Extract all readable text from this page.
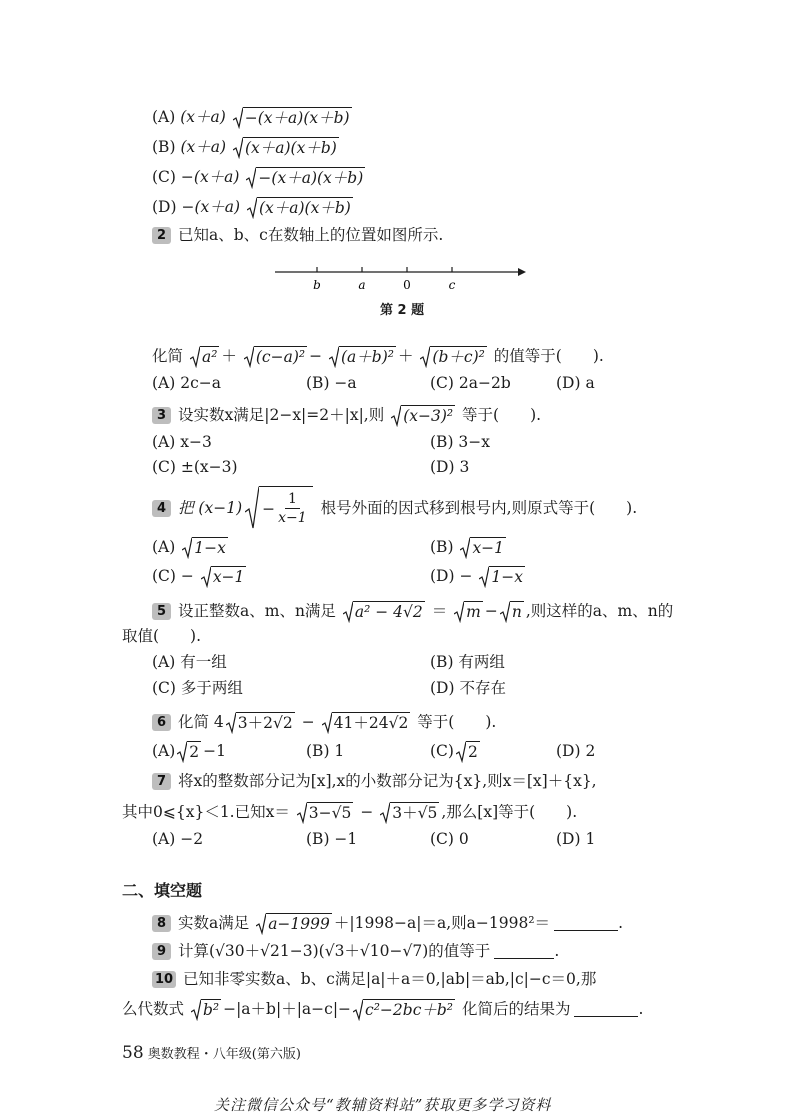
(A) (x＋a) −(x＋a)(x＋b)
(B) (x＋a) (x＋a)(x＋b)
(C) −(x＋a) −(x＋a)(x＋b)
(D) −(x＋a) (x＋a)(x＋b)
2 已知a、b、c在数轴上的位置如图所示.
b	a	0	c
第 2 题
化简 a² ＋ (c−a)² − (a＋b)² ＋ (b＋c)² 的值等于(　　).
(A) 2c−a	(B) −a	(C) 2a−2b	(D) a
3 设实数x满足|2−x|=2＋|x|,则 (x−3)² 等于(　　).
(A) x−3	(B) 3−x
(C) ±(x−3)	(D) 3
4 把 $(x-1) - \frac{1}{x-1}$ 根号外面的因式移到根号内,则原式等于(　　).
(A) 1−x	(B) x−1
(C) − x−1	(D) − 1−x
5 设正整数a、m、n满足 a² − 4√2 ＝ m − n ,则这样的a、m、n的
取值(　　).
(A) 有一组	(B) 有两组
(C) 多于两组	(D) 不存在
6 化简 4 3＋2√2 − 41＋24√2 等于(　　).
(A) 2 −1	(B) 1	(C) 2	(D) 2
7 将x的整数部分记为[x],x的小数部分记为{x},则x＝[x]＋{x},
其中0⩽{x}＜1.已知x＝ 3−√5 − 3＋√5 ,那么[x]等于(　　).
(A) −2	(B) −1	(C) 0	(D) 1
二、填空题
8 实数a满足 a−1999 ＋|1998−a|＝a,则a−1998²＝	.
9 计算(√30＋√21−3)(√3＋√10−√7)的值等于	.
10 已知非零实数a、b、c满足|a|＋a＝0,|ab|＝ab,|c|−c＝0,那
么代数式 b² −|a＋b|＋|a−c|− c²−2bc＋b² 化简后的结果为	.
58 奥数教程・八年级(第六版)
关注微信公众号“教辅资料站”获取更多学习资料
